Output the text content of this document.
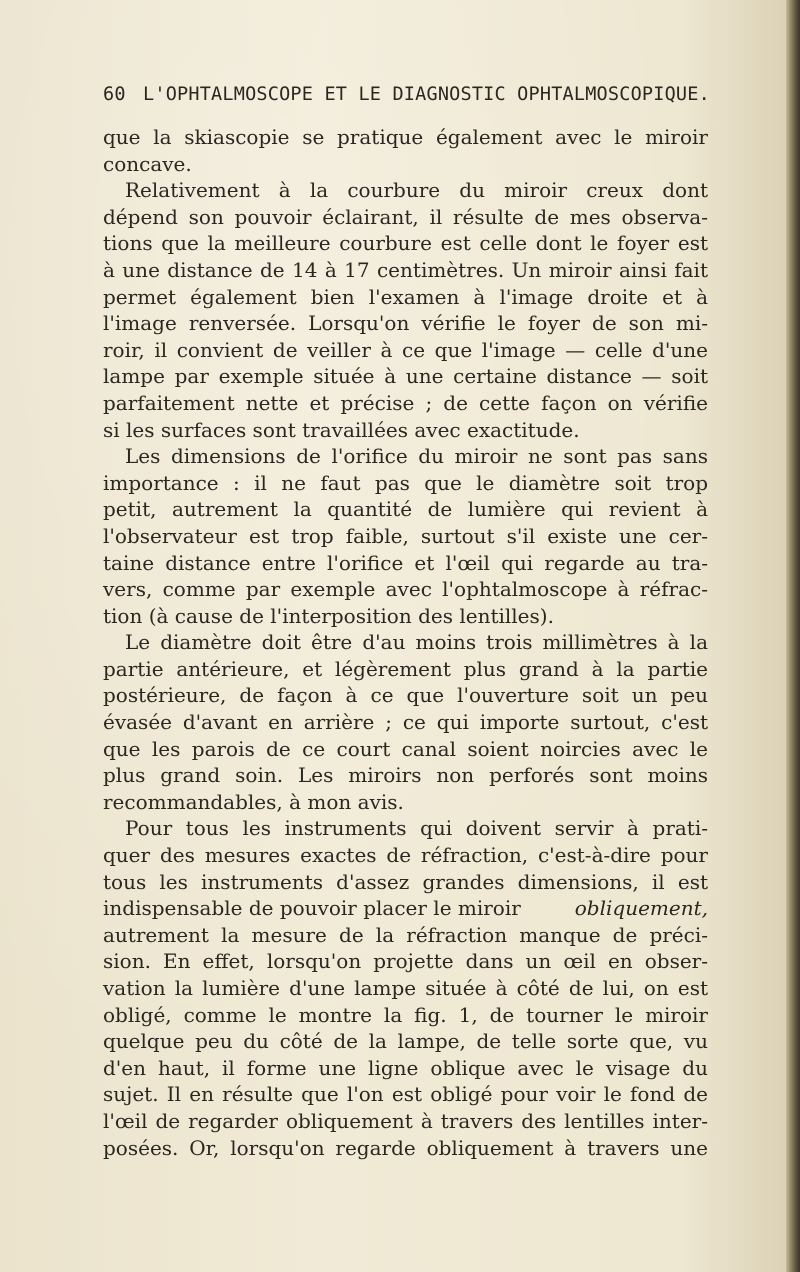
60 L'OPHTALMOSCOPE ET LE DIAGNOSTIC OPHTALMOSCOPIQUE.
que la skiascopie se pratique également avec le miroir
concave.
Relativement à la courbure du miroir creux dont
dépend son pouvoir éclairant, il résulte de mes observa-
tions que la meilleure courbure est celle dont le foyer est
à une distance de 14 à 17 centimètres. Un miroir ainsi fait
permet également bien l'examen à l'image droite et à
l'image renversée. Lorsqu'on vérifie le foyer de son mi-
roir, il convient de veiller à ce que l'image — celle d'une
lampe par exemple située à une certaine distance — soit
parfaitement nette et précise ; de cette façon on vérifie
si les surfaces sont travaillées avec exactitude.
Les dimensions de l'orifice du miroir ne sont pas sans
importance : il ne faut pas que le diamètre soit trop
petit, autrement la quantité de lumière qui revient à
l'observateur est trop faible, surtout s'il existe une cer-
taine distance entre l'orifice et l'œil qui regarde au tra-
vers, comme par exemple avec l'ophtalmoscope à réfrac-
tion (à cause de l'interposition des lentilles).
Le diamètre doit être d'au moins trois millimètres à la
partie antérieure, et légèrement plus grand à la partie
postérieure, de façon à ce que l'ouverture soit un peu
évasée d'avant en arrière ; ce qui importe surtout, c'est
que les parois de ce court canal soient noircies avec le
plus grand soin. Les miroirs non perforés sont moins
recommandables, à mon avis.
Pour tous les instruments qui doivent servir à prati-
quer des mesures exactes de réfraction, c'est-à-dire pour
tous les instruments d'assez grandes dimensions, il est
indispensable de pouvoir placer le miroir	obliquement,
autrement la mesure de la réfraction manque de préci-
sion. En effet, lorsqu'on projette dans un œil en obser-
vation la lumière d'une lampe située à côté de lui, on est
obligé, comme le montre la fig. 1, de tourner le miroir
quelque peu du côté de la lampe, de telle sorte que, vu
d'en haut, il forme une ligne oblique avec le visage du
sujet. Il en résulte que l'on est obligé pour voir le fond de
l'œil de regarder obliquement à travers des lentilles inter-
posées. Or, lorsqu'on regarde obliquement à travers une
